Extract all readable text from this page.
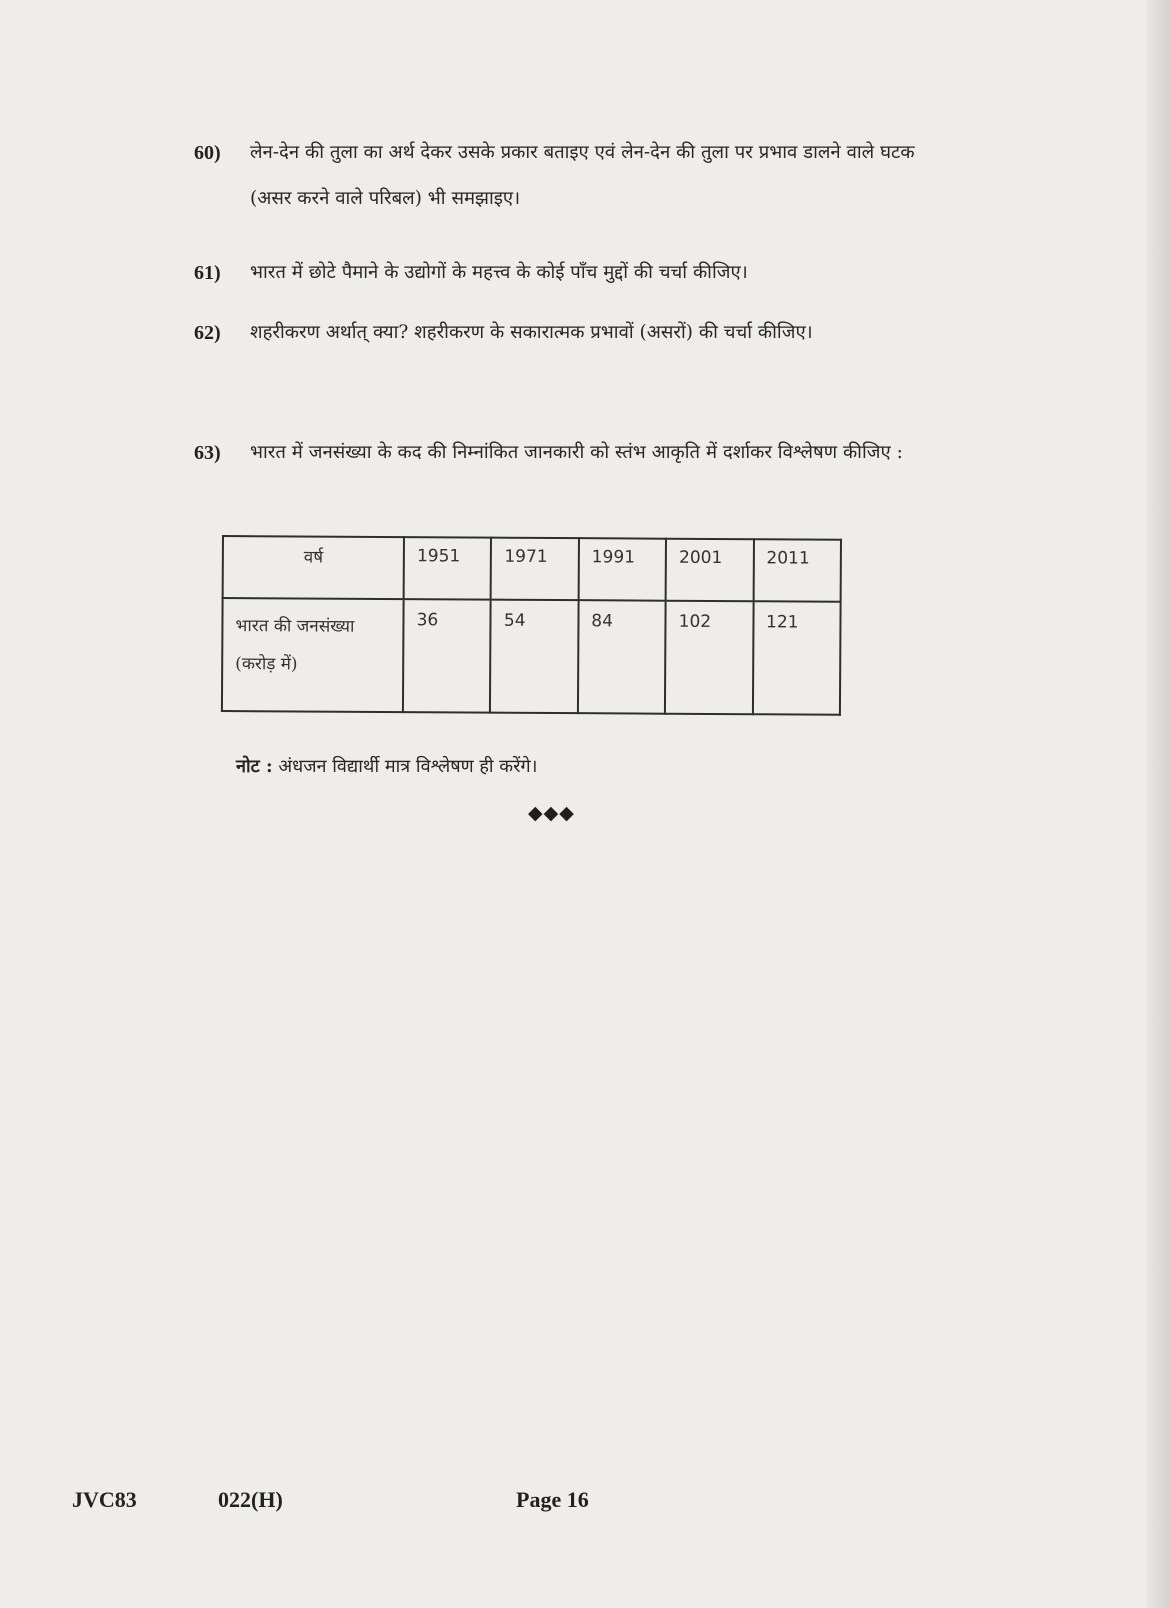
60) लेन-देन की तुला का अर्थ देकर उसके प्रकार बताइए एवं लेन-देन की तुला पर प्रभाव डालने वाले घटक (असर करने वाले परिबल) भी समझाइए।
61) भारत में छोटे पैमाने के उद्योगों के महत्त्व के कोई पाँच मुद्दों की चर्चा कीजिए।
62) शहरीकरण अर्थात् क्या? शहरीकरण के सकारात्मक प्रभावों (असरों) की चर्चा कीजिए।
63) भारत में जनसंख्या के कद की निम्नांकित जानकारी को स्तंभ आकृति में दर्शाकर विश्लेषण कीजिए :
वर्ष	1951	1971	1991	2001	2011

भारत की जनसंख्या
(करोड़ में)	36	54	84	102	121
नोट : अंधजन विद्यार्थी मात्र विश्लेषण ही करेंगे।
◆◆◆
JVC83	022(H)	Page 16
